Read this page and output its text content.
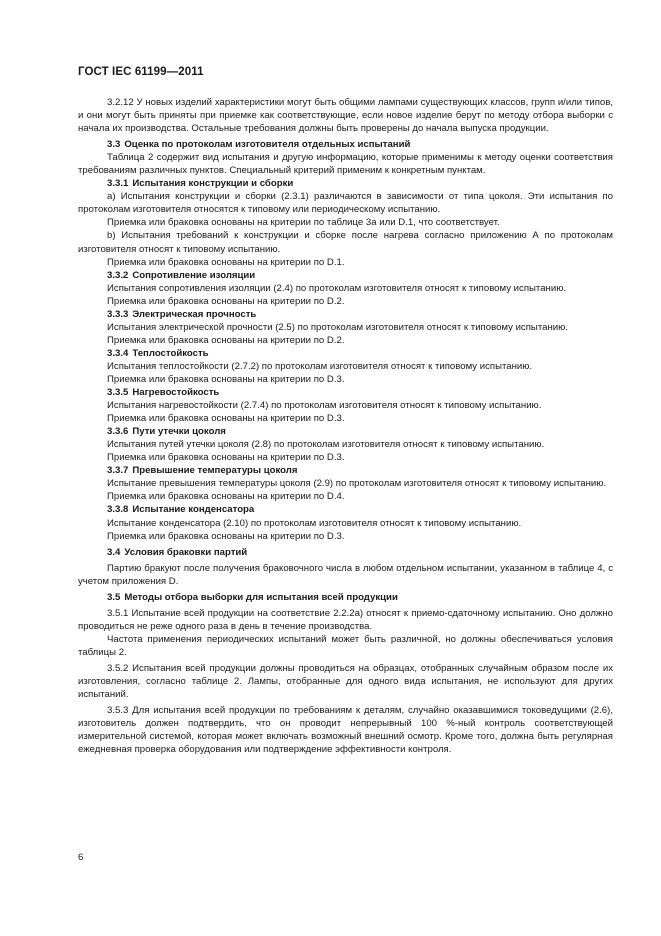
ГОСТ IEC 61199—2011

3.2.12 У новых изделий характеристики могут быть общими лампами существующих классов, групп и/или типов, и они могут быть приняты при приемке как соответствующие, если новое изделие берут по методу отбора выборки с начала их производства. Остальные требования должны быть проверены до начала выпуска продукции.

3.3 Оценка по протоколам изготовителя отдельных испытаний

Таблица 2 содержит вид испытания и другую информацию, которые применимы к методу оценки соответствия требованиям различных пунктов. Специальный критерий применим к конкретным пунктам.

3.3.1 Испытания конструкции и сборки

а) Испытания конструкции и сборки (2.3.1) различаются в зависимости от типа цоколя. Эти испытания по протоколам изготовителя относятся к типовому или периодическому испытанию.

Приемка или браковка основаны на критерии по таблице 3а или D.1, что соответствует.

b) Испытания требований к конструкции и сборке после нагрева согласно приложению А по протоколам изготовителя относят к типовому испытанию.

Приемка или браковка основаны на критерии по D.1.

3.3.2 Сопротивление изоляции

Испытания сопротивления изоляции (2.4) по протоколам изготовителя относят к типовому испытанию.

Приемка или браковка основаны на критерии по D.2.

3.3.3 Электрическая прочность

Испытания электрической прочности (2.5) по протоколам изготовителя относят к типовому испытанию.

Приемка или браковка основаны на критерии по D.2.

3.3.4 Теплостойкость

Испытания теплостойкости (2.7.2) по протоколам изготовителя относят к типовому испытанию.

Приемка или браковка основаны на критерии по D.3.

3.3.5 Нагревостойкость

Испытания нагревостойкости (2.7.4) по протоколам изготовителя относят к типовому испытанию.

Приемка или браковка основаны на критерии по D.3.

3.3.6 Пути утечки цоколя

Испытания путей утечки цоколя (2.8) по протоколам изготовителя относят к типовому испытанию.

Приемка или браковка основаны на критерии по D.3.

3.3.7 Превышение температуры цоколя

Испытание превышения температуры цоколя (2.9) по протоколам изготовителя относят к типовому испытанию.

Приемка или браковка основаны на критерии по D.4.

3.3.8 Испытание конденсатора

Испытание конденсатора (2.10) по протоколам изготовителя относят к типовому испытанию.

Приемка или браковка основаны на критерии по D.3.

3.4 Условия браковки партий

Партию бракуют после получения браковочного числа в любом отдельном испытании, указанном в таблице 4, с учетом приложения D.

3.5 Методы отбора выборки для испытания всей продукции

3.5.1 Испытание всей продукции на соответствие 2.2.2а) относят к приемо-сдаточному испытанию. Оно должно проводиться не реже одного раза в день в течение производства.

Частота применения периодических испытаний может быть различной, но должны обеспечиваться условия таблицы 2.

3.5.2 Испытания всей продукции должны проводиться на образцах, отобранных случайным образом после их изготовления, согласно таблице 2. Лампы, отобранные для одного вида испытания, не используют для других испытаний.

3.5.3 Для испытания всей продукции по требованиям к деталям, случайно оказавшимися токоведущими (2.6), изготовитель должен подтвердить, что он проводит непрерывный 100 %-ный контроль соответствующей измерительной системой, которая может включать возможный внешний осмотр. Кроме того, должна быть регулярная ежедневная проверка оборудования или подтверждение эффективности контроля.

6
